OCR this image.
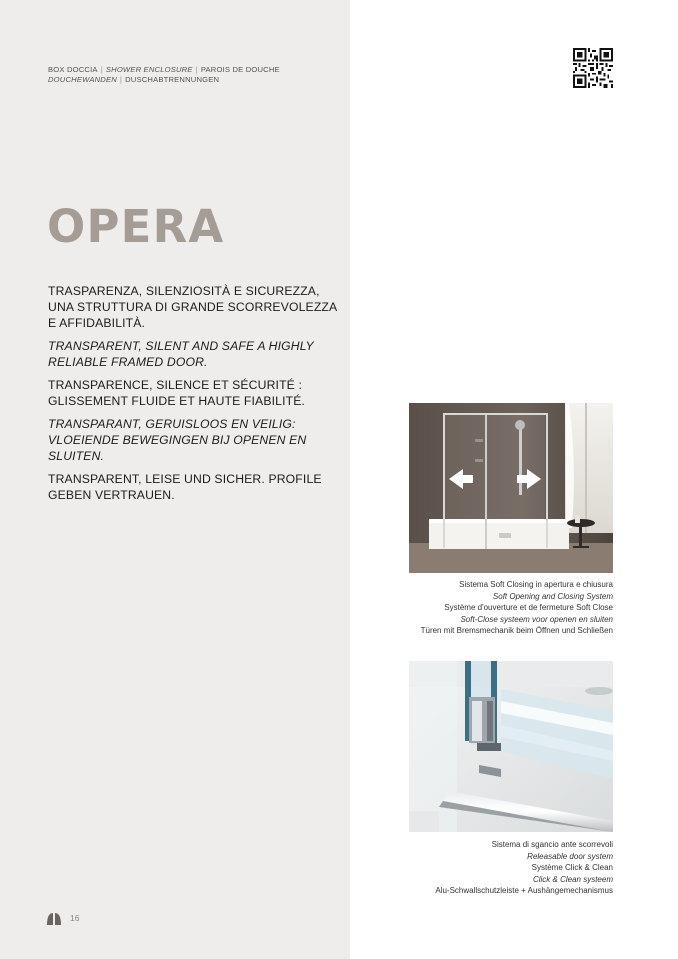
BOX DOCCIA | SHOWER ENCLOSURE | PAROIS DE DOUCHE
DOUCHEWANDEN | DUSCHABTRENNUNGEN
OPERA

TRASPARENZA, SILENZIOSITÀ E SICUREZZA, UNA STRUTTURA DI GRANDE SCORREVOLEZZA E AFFIDABILITÀ.

TRANSPARENT, SILENT AND SAFE A HIGHLY RELIABLE FRAMED DOOR.

TRANSPARENCE, SILENCE ET SÉCURITÉ : GLISSEMENT FLUIDE ET HAUTE FIABILITÉ.

TRANSPARANT, GERUISLOOS EN VEILIG: VLOEIENDE BEWEGINGEN BIJ OPENEN EN SLUITEN.

TRANSPARENT, LEISE UND SICHER. PROFILE GEBEN VERTRAUEN.

Sistema Soft Closing in apertura e chiusura
Soft Opening and Closing System
Système d'ouverture et de fermeture Soft Close
Soft-Close systeem voor openen en sluiten
Türen mit Bremsmechanik beim Öffnen und Schließen
Sistema di sgancio ante scorrevoli
Releasable door system
Système Click & Clean
Click & Clean systeem
Alu-Schwallschutzleiste + Aushängemechanismus
16
